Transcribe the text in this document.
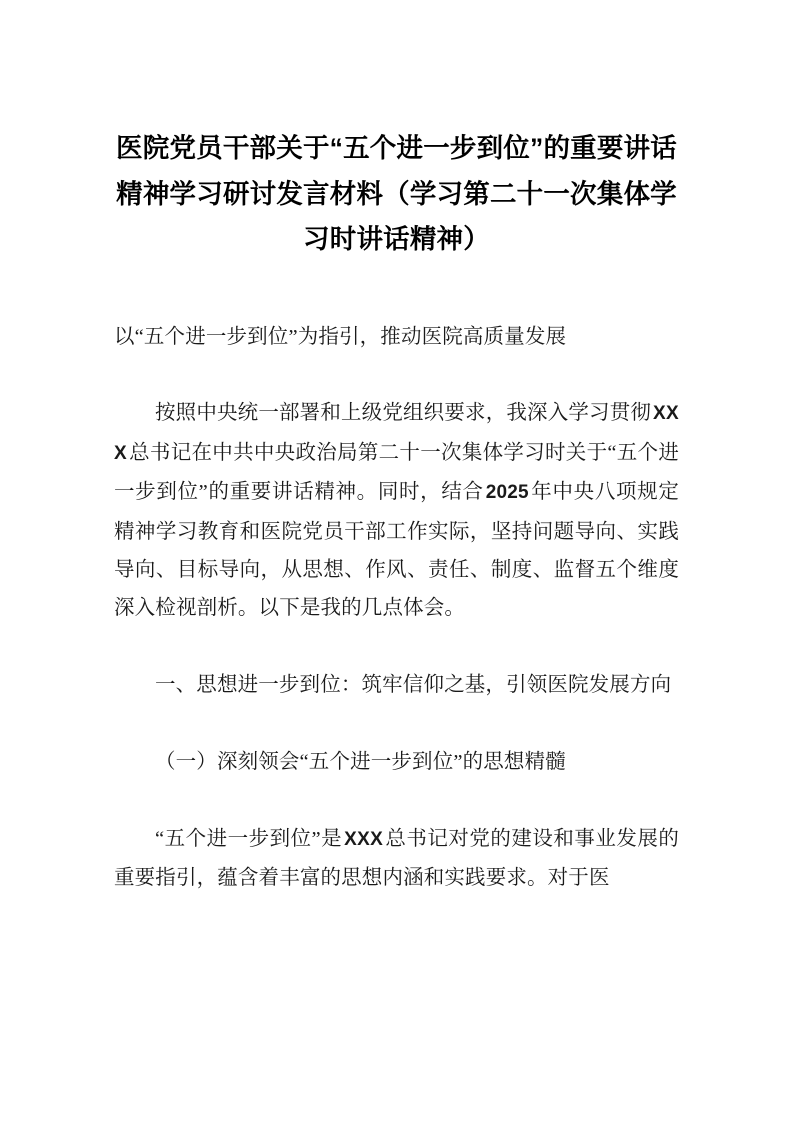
医院党员干部关于“五个进一步到位”的重要讲话精神学习研讨发言材料（学习第二十一次集体学习时讲话精神）

以“五个进一步到位”为指引，推动医院高质量发展

按照中央统一部署和上级党组织要求，我深入学习贯彻 XXX总书记在中共中央政治局第二十一次集体学习时关于“五个进一步到位”的重要讲话精神。同时，结合 2025年中央八项规定精神学习教育和医院党员干部工作实际，坚持问题导向、实践导向、目标导向，从思想、作风、责任、制度、监督五个维度深入检视剖析。以下是我的几点体会。

一、思想进一步到位：筑牢信仰之基，引领医院发展方向

（一）深刻领会“五个进一步到位”的思想精髓

“五个进一步到位”是 XXX总书记对党的建设和事业发展的重要指引，蕴含着丰富的思想内涵和实践要求。对于医
